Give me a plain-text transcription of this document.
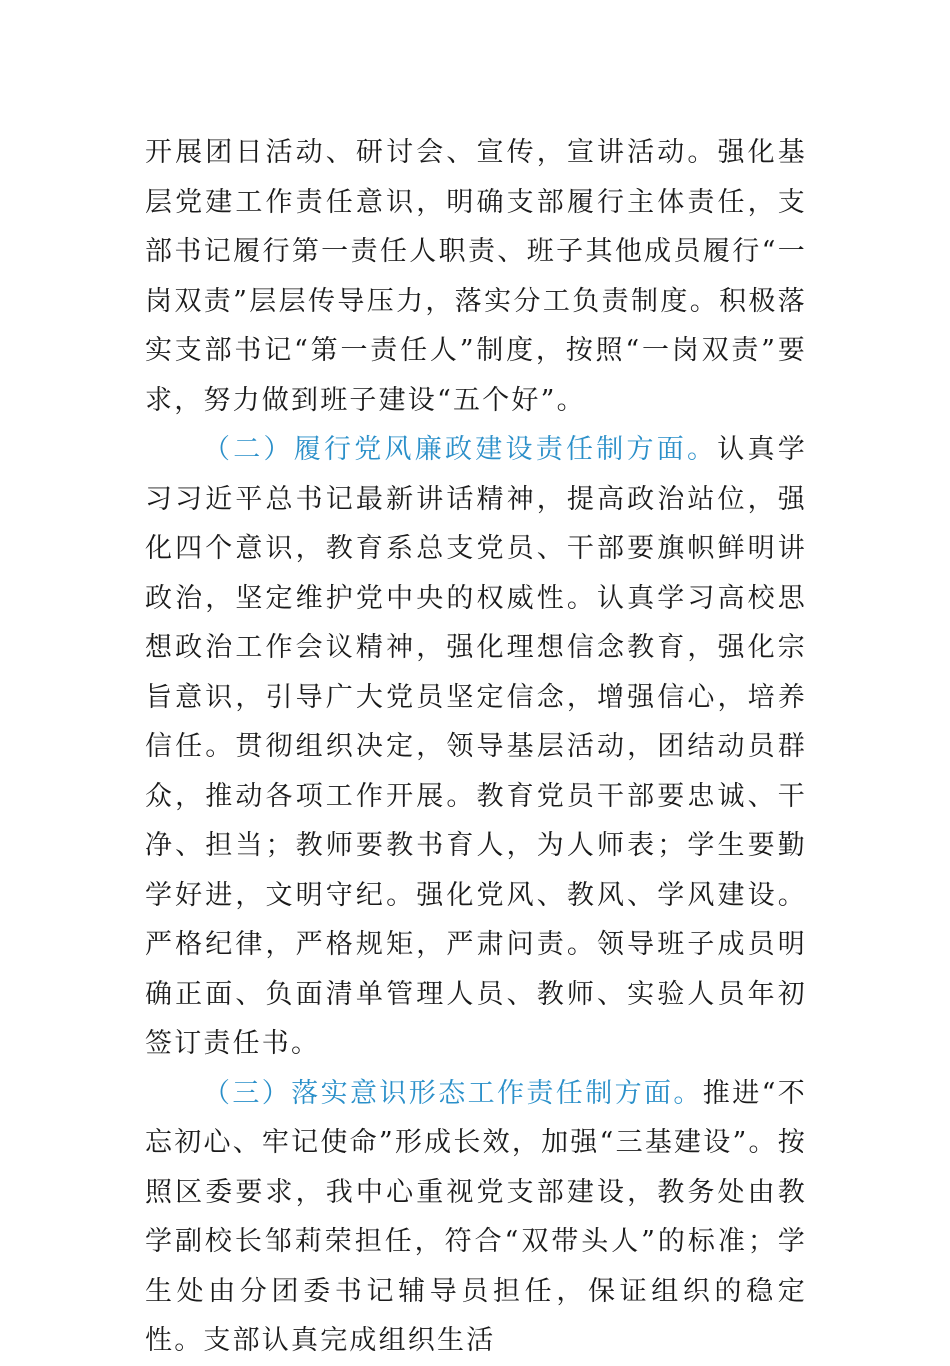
开展团日活动、研讨会、宣传，宣讲活动。强化基层党建工作责任意识，明确支部履行主体责任，支部书记履行第一责任人职责、班子其他成员履行“一岗双责”层层传导压力，落实分工负责制度。积极落实支部书记“第一责任人”制度，按照“一岗双责”要求，努力做到班子建设“五个好”。

（二）履行党风廉政建设责任制方面。认真学习习近平总书记最新讲话精神，提高政治站位，强化四个意识，教育系总支党员、干部要旗帜鲜明讲政治，坚定维护党中央的权威性。认真学习高校思想政治工作会议精神，强化理想信念教育，强化宗旨意识，引导广大党员坚定信念，增强信心，培养信任。贯彻组织决定，领导基层活动，团结动员群众，推动各项工作开展。教育党员干部要忠诚、干净、担当；教师要教书育人，为人师表；学生要勤学好进，文明守纪。强化党风、教风、学风建设。严格纪律，严格规矩，严肃问责。领导班子成员明确正面、负面清单管理人员、教师、实验人员年初签订责任书。

（三）落实意识形态工作责任制方面。推进“不忘初心、牢记使命”形成长效，加强“三基建设”。按照区委要求，我中心重视党支部建设，教务处由教学副校长邹莉荣担任，符合“双带头人”的标准；学生处由分团委书记辅导员担任，保证组织的稳定性。支部认真完成组织生活
